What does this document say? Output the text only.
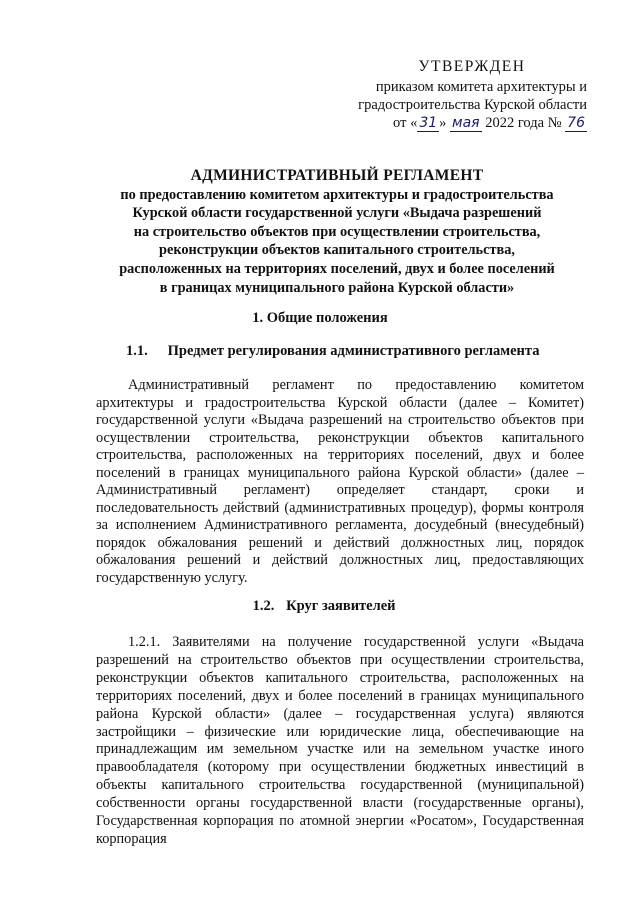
УТВЕРЖДЕН
приказом комитета архитектуры и
градостроительства Курской области
от « 31 » мая 2022 года № 76
АДМИНИСТРАТИВНЫЙ РЕГЛАМЕНТ
по предоставлению комитетом архитектуры и градостроительства
Курской области государственной услуги «Выдача разрешений
на строительство объектов при осуществлении строительства,
реконструкции объектов капитального строительства,
расположенных на территориях поселений, двух и более поселений
в границах муниципального района Курской области»
1. Общие положения
1.1. Предмет регулирования административного регламента
Административный регламент по предоставлению комитетом архитектуры и градостроительства Курской области (далее – Комитет) государственной услуги «Выдача разрешений на строительство объектов при осуществлении строительства, реконструкции объектов капитального строительства, расположенных на территориях поселений, двух и более поселений в границах муниципального района Курской области» (далее – Административный регламент) определяет стандарт, сроки и последовательность действий (административных процедур), формы контроля за исполнением Административного регламента, досудебный (внесудебный) порядок обжалования решений и действий должностных лиц, порядок обжалования решений и действий должностных лиц, предоставляющих государственную услугу.
1.2. Круг заявителей
1.2.1. Заявителями на получение государственной услуги «Выдача разрешений на строительство объектов при осуществлении строительства, реконструкции объектов капитального строительства, расположенных на территориях поселений, двух и более поселений в границах муниципального района Курской области» (далее – государственная услуга) являются застройщики – физические или юридические лица, обеспечивающие на принадлежащим им земельном участке или на земельном участке иного правообладателя (которому при осуществлении бюджетных инвестиций в объекты капитального строительства государственной (муниципальной) собственности органы государственной власти (государственные органы), Государственная корпорация по атомной энергии «Росатом», Государственная корпорация
